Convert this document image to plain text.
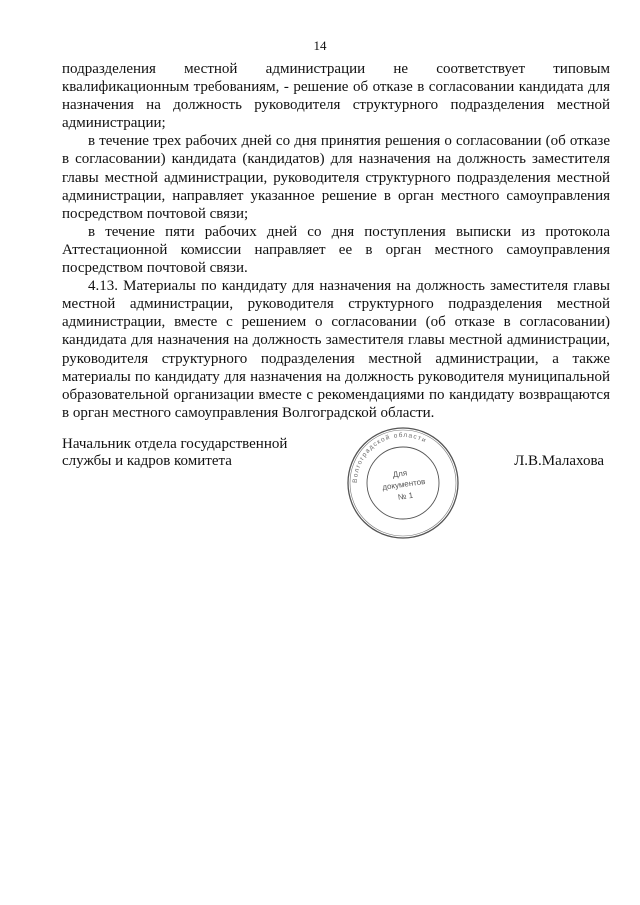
14

подразделения местной администрации не соответствует типовым квалификационным требованиям, - решение об отказе в согласовании кандидата для назначения на должность руководителя структурного подразделения местной администрации;

в течение трех рабочих дней со дня принятия решения о согласовании (об отказе в согласовании) кандидата (кандидатов) для назначения на должность заместителя главы местной администрации, руководителя структурного подразделения местной администрации, направляет указанное решение в орган местного самоуправления посредством почтовой связи;

в течение пяти рабочих дней со дня поступления выписки из протокола Аттестационной комиссии направляет ее в орган местного самоуправления посредством почтовой связи.

4.13. Материалы по кандидату для назначения на должность заместителя главы местной администрации, руководителя структурного подразделения местной администрации, вместе с решением о согласовании (об отказе в согласовании) кандидата для назначения на должность заместителя главы местной администрации, руководителя структурного подразделения местной администрации, а также материалы по кандидату для назначения на должность руководителя муниципальной образовательной организации вместе с рекомендациями по кандидату возвращаются в орган местного самоуправления Волгоградской области.

Начальник отдела государственной
службы и кадров комитета
Волгоградской области
Для
документов
№ 1
Л.В.Малахова
